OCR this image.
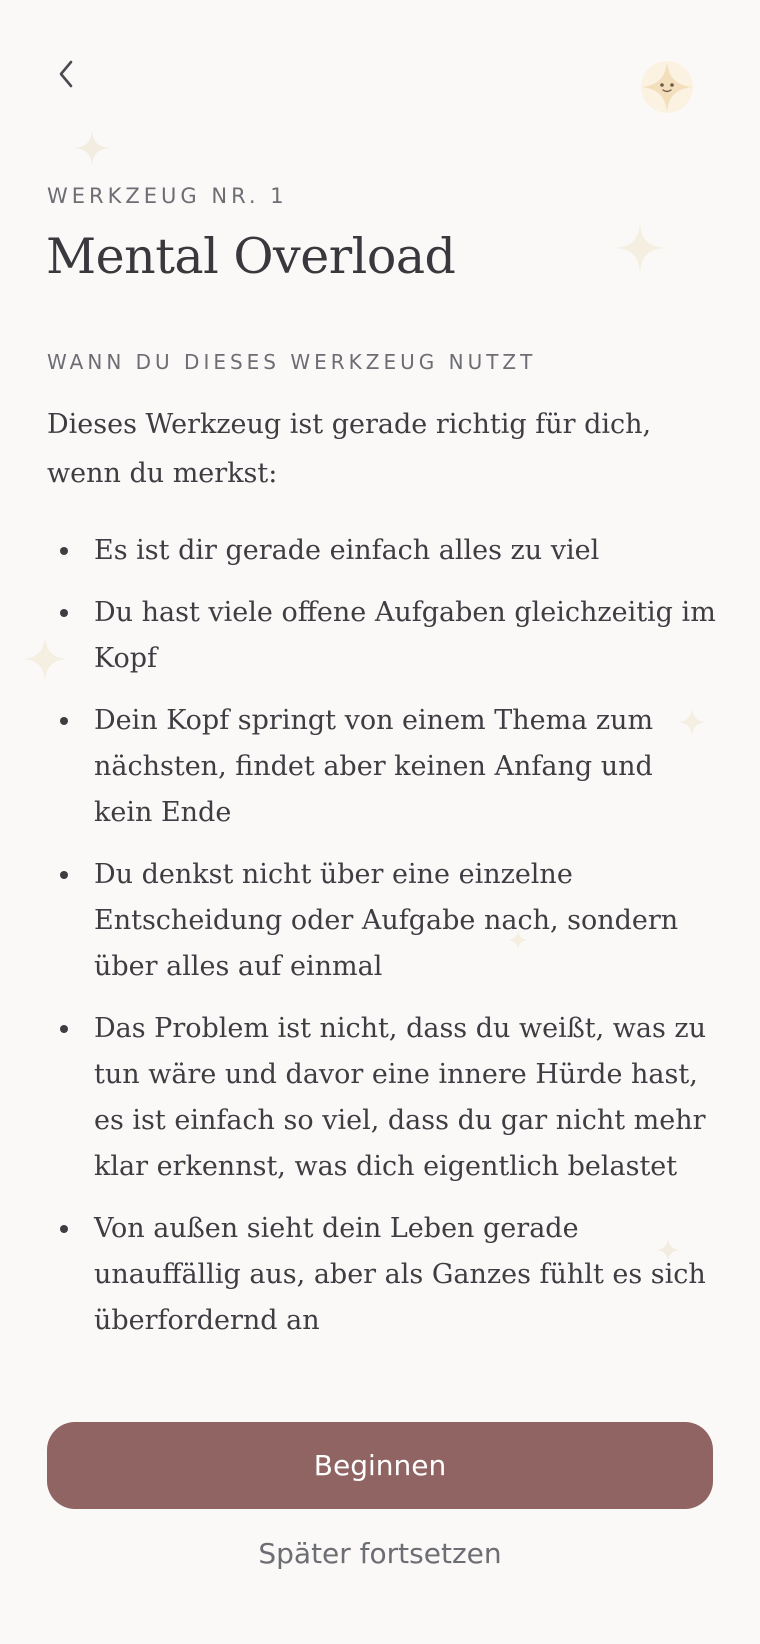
WERKZEUG NR. 1

Mental Overload

WANN DU DIESES WERKZEUG NUTZT

Dieses Werkzeug ist gerade richtig für dich, wenn du merkst:

Es ist dir gerade einfach alles zu viel
Du hast viele offene Aufgaben gleichzeitig im Kopf
Dein Kopf springt von einem Thema zum nächsten, findet aber keinen Anfang und kein Ende
Du denkst nicht über eine einzelne Entscheidung oder Aufgabe nach, sondern über alles auf einmal
Das Problem ist nicht, dass du weißt, was zu tun wäre und davor eine innere Hürde hast, es ist einfach so viel, dass du gar nicht mehr klar erkennst, was dich eigentlich belastet
Von außen sieht dein Leben gerade unauffällig aus, aber als Ganzes fühlt es sich überfordernd an
Beginnen
Später fortsetzen
